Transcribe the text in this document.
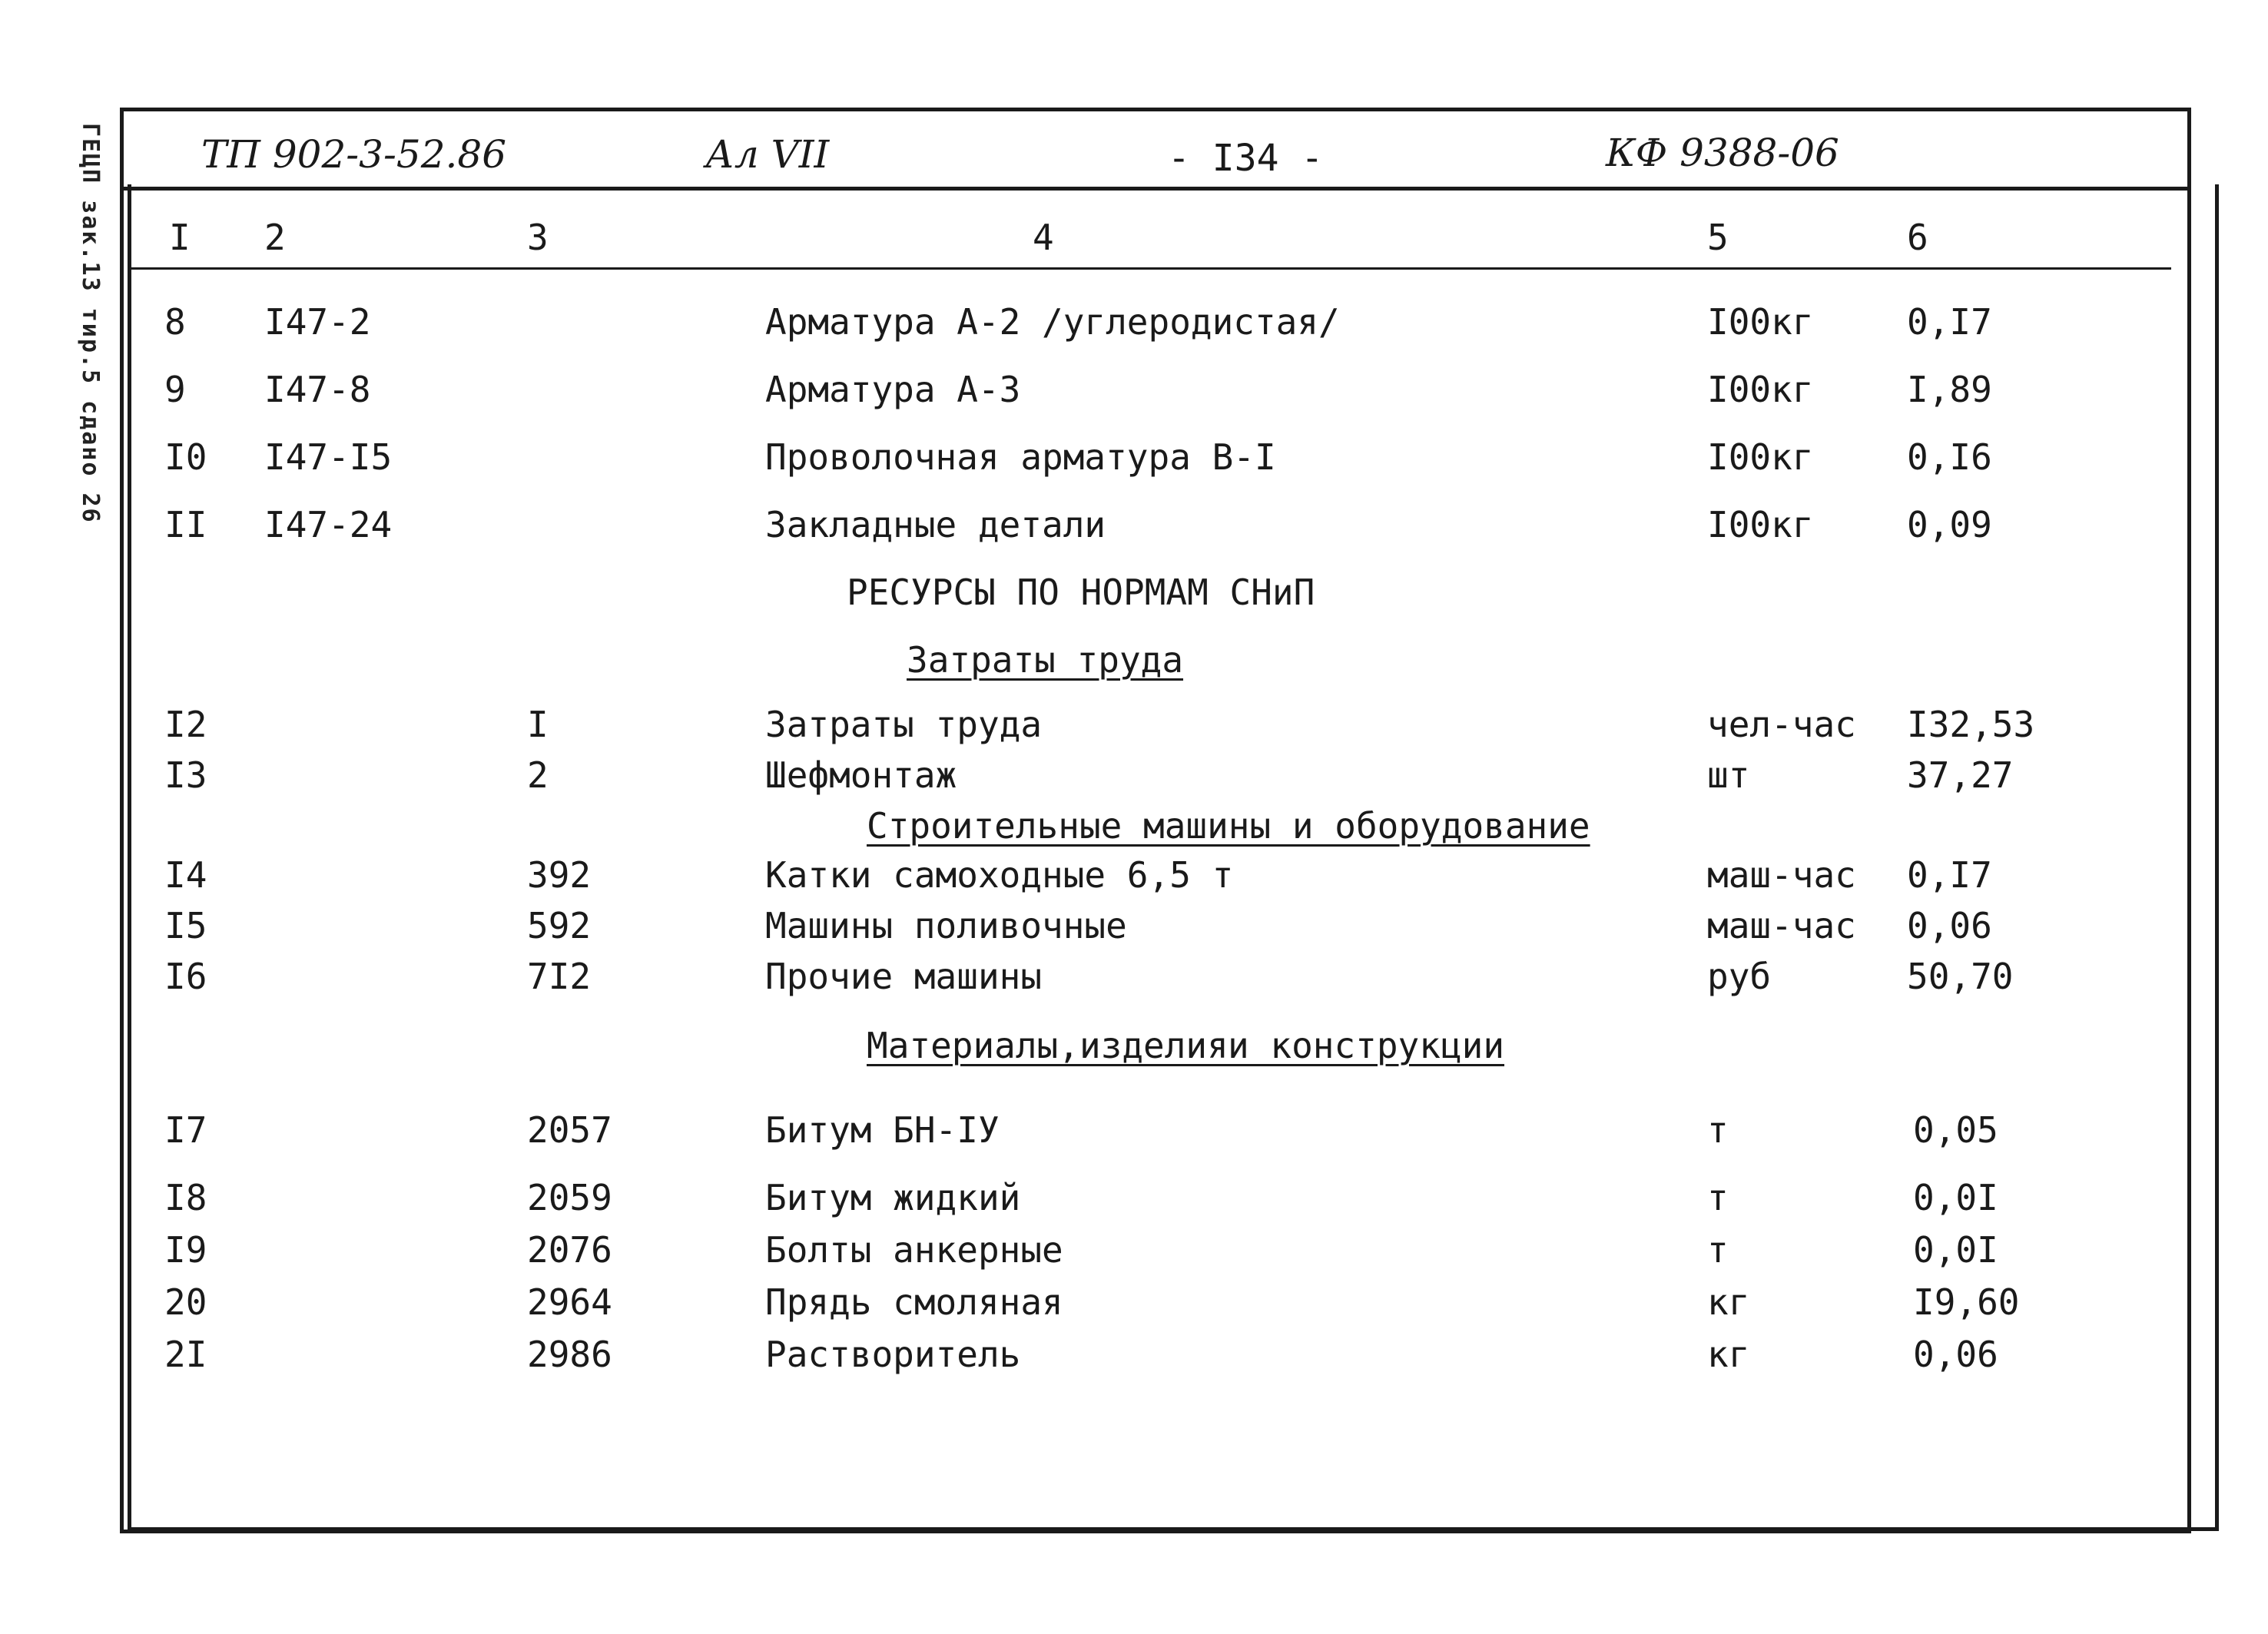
ГЕЦП зак.13 тир.5 сдано 26	ТП 902-3-52.86	Ал VII	- I34 -	КФ 9388-06
I 2	3	4	5	6
8 I47-2	Арматура А-2 /углеродистая/	I00кг	0,I7
9 I47-8	Арматура А-3	I00кг	I,89
I0 I47-I5	Проволочная арматура В-I	I00кг	0,I6
II I47-24	Закладные детали	I00кг	0,09
РЕСУРСЫ ПО НОРМАМ СНиП
Затраты труда
I2	I	Затраты труда	чел-час I32,53
I3	2	Шефмонтаж	шт	37,27
Строительные машины и оборудование
I4	392	Катки самоходные 6,5 т	маш-час 0,I7
I5	592	Машины поливочные	маш-час 0,06
I6	7I2	Прочие машины	руб	50,70
Материалы,изделия и конструкции
I7	2057	Битум БН-IУ	т	0,05
I8	2059	Битум жидкий	т	0,0I
I9	2076	Болты анкерные	т	0,0I
20	2964	Прядь смоляная	кг	I9,60
2I	2986	Растворитель	кг	0,06
